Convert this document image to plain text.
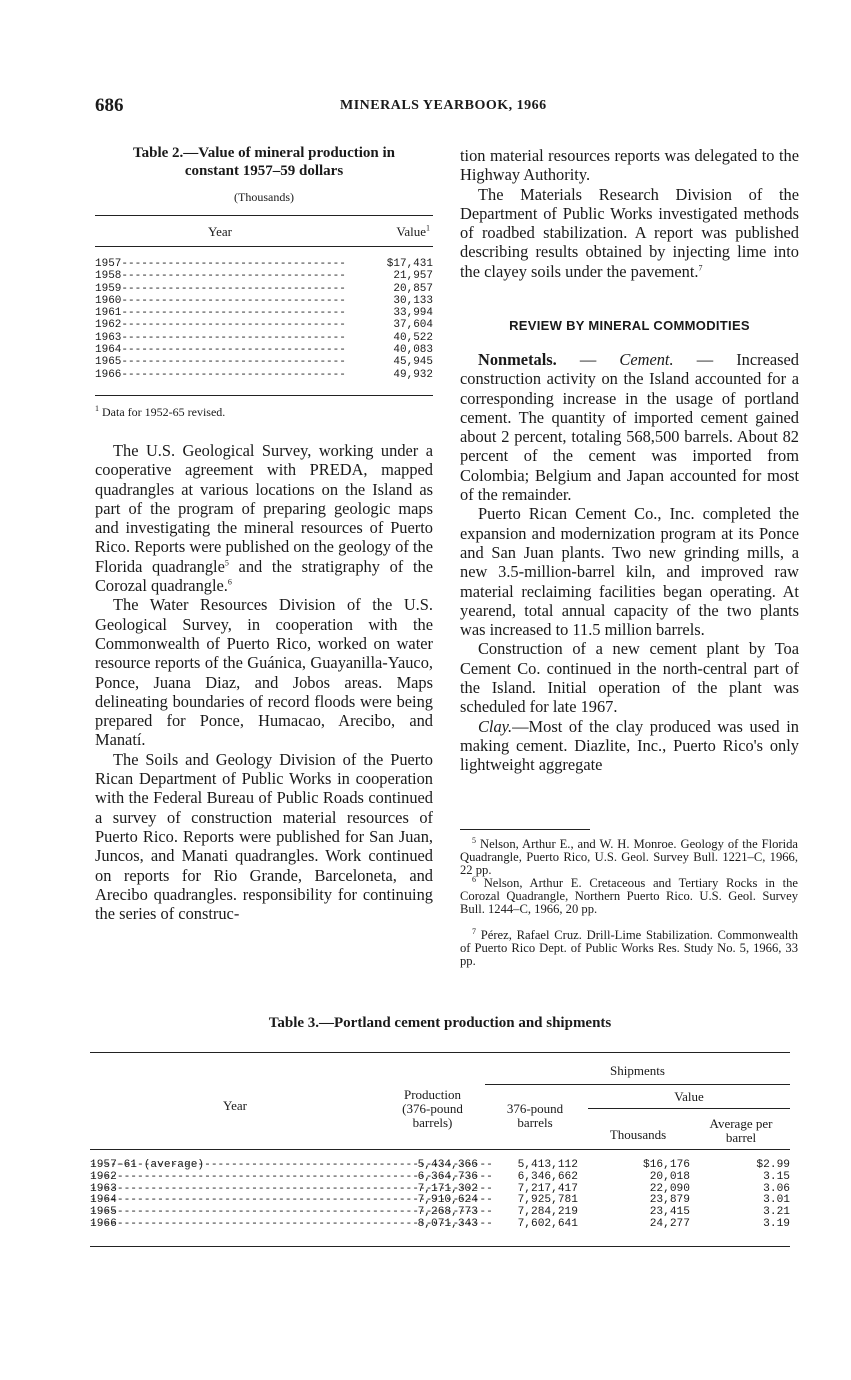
686	MINERALS YEARBOOK, 1966
Table 2.—Value of mineral production in
constant 1957–59 dollars
(Thousands)
Year	Value$^1$
1957 -----	$17,431
1958 -----	21,957
1959 -----	20,857
1960 -----	30,133
1961 -----	33,994
1962 -----	37,604
1963 -----	40,522
1964 -----	40,083
1965 -----	45,945
1966 -----	49,932
$^1$ Data for 1952-65 revised.

The U.S. Geological Survey, working under a cooperative agreement with PREDA, mapped quadrangles at various locations on the Island as part of the program of preparing geologic maps and investigating the mineral resources of Puerto Rico. Reports were published on the geology of the Florida quadrangle$^5$ and the stratigraphy of the Corozal quadrangle.$^6$

The Water Resources Division of the U.S. Geological Survey, in cooperation with the Commonwealth of Puerto Rico, worked on water resource reports of the Guánica, Guayanilla-Yauco, Ponce, Juana Diaz, and Jobos areas. Maps delineating boundaries of record floods were being prepared for Ponce, Humacao, Arecibo, and Manatí.

The Soils and Geology Division of the Puerto Rican Department of Public Works in cooperation with the Federal Bureau of Public Roads continued a survey of construction material resources of Puerto Rico. Reports were published for San Juan, Juncos, and Manati quadrangles. Work continued on reports for Rio Grande, Barceloneta, and Arecibo quadrangles. responsibility for continuing the series of construc-

tion material resources reports was delegated to the Highway Authority.

The Materials Research Division of the Department of Public Works investigated methods of roadbed stabilization. A report was published describing results obtained by injecting lime into the clayey soils under the pavement.$^7$

REVIEW BY MINERAL COMMODITIES

Nonmetals. — Cement. — Increased construction activity on the Island accounted for a corresponding increase in the usage of portland cement. The quantity of imported cement gained about 2 percent, totaling 568,500 barrels. About 82 percent of the cement was imported from Colombia; Belgium and Japan accounted for most of the remainder.

Puerto Rican Cement Co., Inc. completed the expansion and modernization program at its Ponce and San Juan plants. Two new grinding mills, a new 3.5-million-barrel kiln, and improved raw material reclaiming facilities began operating. At yearend, total annual capacity of the two plants was increased to 11.5 million barrels.

Construction of a new cement plant by Toa Cement Co. continued in the north-central part of the Island. Initial operation of the plant was scheduled for late 1967.

Clay.—Most of the clay produced was used in making cement. Diazlite, Inc., Puerto Rico's only lightweight aggregate

$^5$ Nelson, Arthur E., and W. H. Monroe. Geology of the Florida Quadrangle, Puerto Rico, U.S. Geol. Survey Bull. 1221–C, 1966, 22 pp.

$^6$ Nelson, Arthur E. Cretaceous and Tertiary Rocks in the Corozal Quadrangle, Northern Puerto Rico. U.S. Geol. Survey Bull. 1244–C, 1966, 20 pp.

$^7$ Pérez, Rafael Cruz. Drill-Lime Stabilization. Commonwealth of Puerto Rico Dept. of Public Works Res. Study No. 5, 1966, 33 pp.

Table 3.—Portland cement production and shipments
Shipments
Year
Production
(376-pound
barrels)
376-pound
barrels
Value
Thousands
Average per
barrel
1957–61 (average) -----	5,434,366	5,413,112	$16,176	$2.99
1962 -----	6,364,736	6,346,662	20,018	3.15
1963 -----	7,171,302	7,217,417	22,090	3.06
1964 -----	7,910,624	7,925,781	23,879	3.01
1965 -----	7,268,773	7,284,219	23,415	3.21
1966 -----	8,071,343	7,602,641	24,277	3.19
